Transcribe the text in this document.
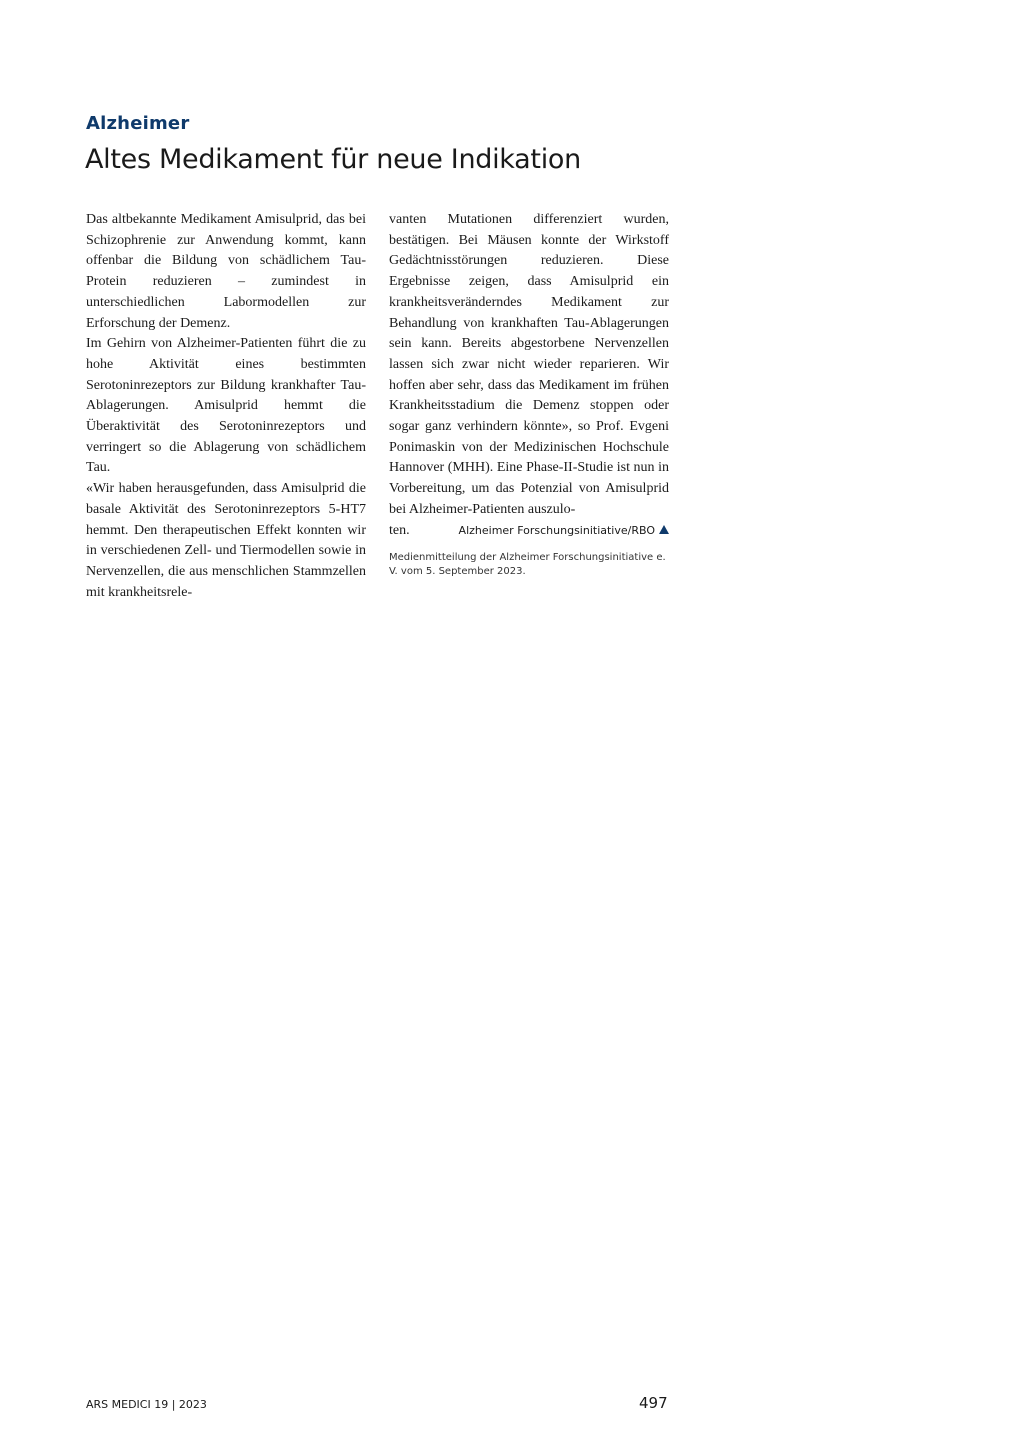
Alzheimer
Altes Medikament für neue Indikation

Das altbekannte Medikament Amisulprid, das bei Schizophrenie zur Anwendung kommt, kann offenbar die Bildung von schädlichem Tau-Protein reduzieren – zumindest in unterschiedlichen Labormodellen zur Erforschung der Demenz.

Im Gehirn von Alzheimer-Patienten führt die zu hohe Aktivität eines bestimmten Serotoninrezeptors zur Bildung krankhafter Tau-Ablagerungen. Amisulprid hemmt die Überaktivität des Serotoninrezeptors und verringert so die Ablagerung von schädlichem Tau.

«Wir haben herausgefunden, dass Amisulprid die basale Aktivität des Serotoninrezeptors 5-HT7 hemmt. Den therapeutischen Effekt konnten wir in verschiedenen Zell- und Tiermodellen sowie in Nervenzellen, die aus menschlichen Stammzellen mit krankheitsrele-

vanten Mutationen differenziert wurden, bestätigen. Bei Mäusen konnte der Wirkstoff Gedächtnisstörungen reduzieren. Diese Ergebnisse zeigen, dass Amisulprid ein krankheitsveränderndes Medikament zur Behandlung von krankhaften Tau-Ablagerungen sein kann. Bereits abgestorbene Nervenzellen lassen sich zwar nicht wieder reparieren. Wir hoffen aber sehr, dass das Medikament im frühen Krankheitsstadium die Demenz stoppen oder sogar ganz verhindern könnte», so Prof. Evgeni Ponimaskin von der Medizinischen Hochschule Hannover (MHH). Eine Phase-II-Studie ist nun in Vorbereitung, um das Potenzial von Amisulprid bei Alzheimer-Patienten auszulo-

ten.	Alzheimer Forschungsinitiative/RBO
Medienmitteilung der Alzheimer Forschungsinitiative e. V. vom 5. September 2023.
ARS MEDICI 19 | 2023	497
